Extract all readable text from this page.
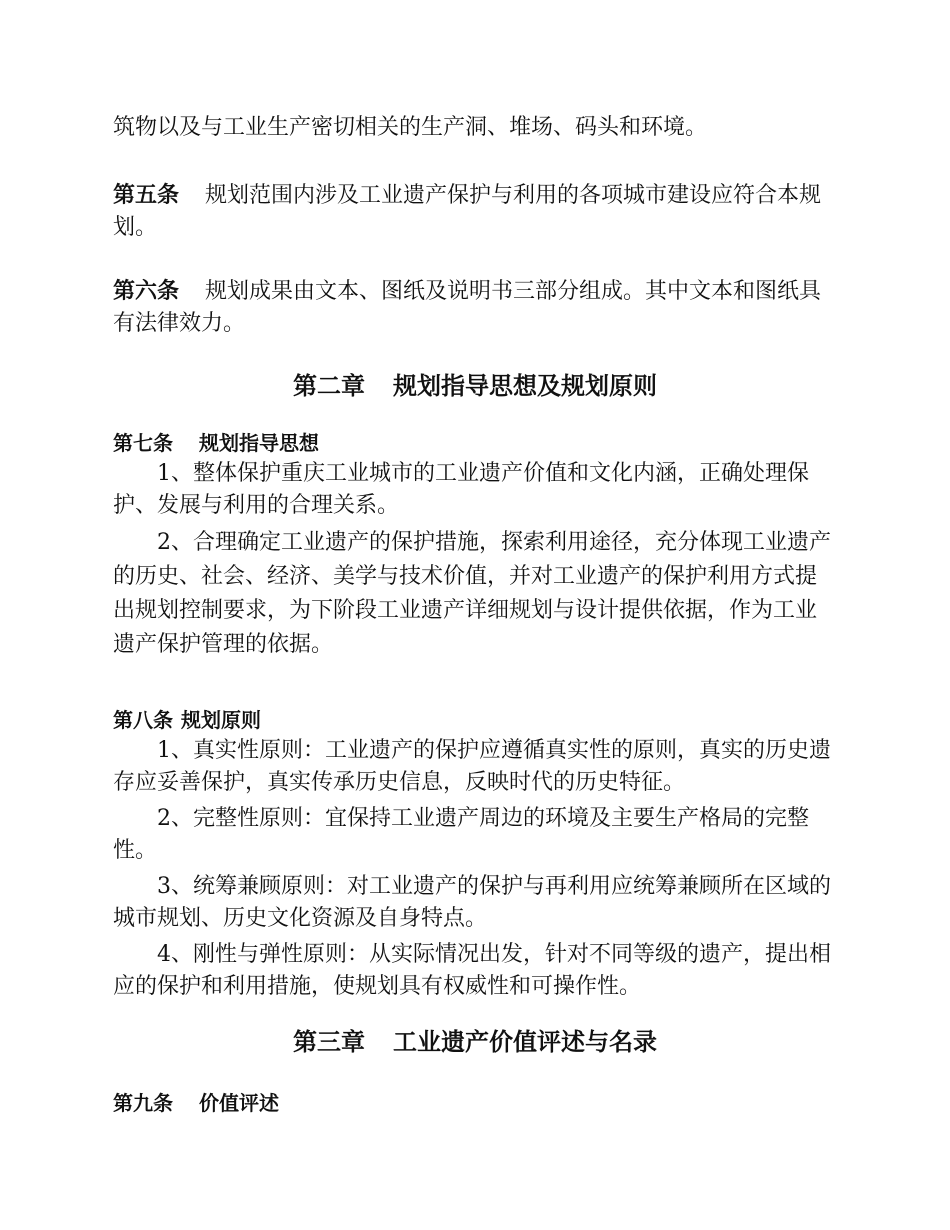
筑物以及与工业生产密切相关的生产洞、堆场、码头和环境。

第五条 规划范围内涉及工业遗产保护与利用的各项城市建设应符合本规划。

第六条 规划成果由文本、图纸及说明书三部分组成。其中文本和图纸具有法律效力。

第二章 规划指导思想及规划原则

第七条 规划指导思想

1、整体保护重庆工业城市的工业遗产价值和文化内涵，正确处理保护、发展与利用的合理关系。

2、合理确定工业遗产的保护措施，探索利用途径，充分体现工业遗产的历史、社会、经济、美学与技术价值，并对工业遗产的保护利用方式提出规划控制要求，为下阶段工业遗产详细规划与设计提供依据，作为工业遗产保护管理的依据。

第八条 规划原则

1、真实性原则：工业遗产的保护应遵循真实性的原则，真实的历史遗存应妥善保护，真实传承历史信息，反映时代的历史特征。

2、完整性原则：宜保持工业遗产周边的环境及主要生产格局的完整性。

3、统筹兼顾原则：对工业遗产的保护与再利用应统筹兼顾所在区域的城市规划、历史文化资源及自身特点。

4、刚性与弹性原则：从实际情况出发，针对不同等级的遗产，提出相应的保护和利用措施，使规划具有权威性和可操作性。

第三章 工业遗产价值评述与名录

第九条 价值评述
